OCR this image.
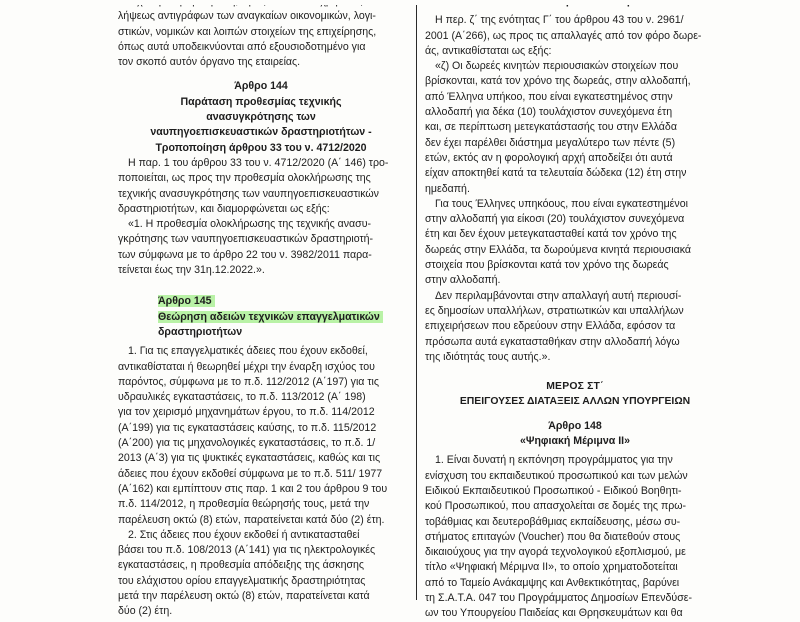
λήψεως αντιγράφων των αναγκαίων οικονομικών, λογι-

στικών, νομικών και λοιπών στοιχείων της επιχείρησης,

όπως αυτά υποδεικνύονται από εξουσιοδοτημένο για

τον σκοπό αυτόν όργανο της εταιρείας.

Άρθρο 144

Παράταση προθεσμίας τεχνικής

ανασυγκρότησης των

ναυπηγοεπισκευαστικών δραστηριοτήτων -

Τροποποίηση άρθρου 33 του ν. 4712/2020

Η παρ. 1 του άρθρου 33 του ν. 4712/2020 (Α΄ 146) τρο-

ποποιείται, ως προς την προθεσμία ολοκλήρωσης της

τεχνικής ανασυγκρότησης των ναυπηγοεπισκευαστικών

δραστηριοτήτων, και διαμορφώνεται ως εξής:

«1. Η προθεσμία ολοκλήρωσης της τεχνικής ανασυ-

γκρότησης των ναυπηγοεπισκευαστικών δραστηριοτή-

των σύμφωνα με το άρθρο 22 του ν. 3982/2011 παρα-

τείνεται έως την 31η.12.2022.».

Άρθρο 145

Θεώρηση αδειών τεχνικών επαγγελματικών

δραστηριοτήτων

1. Για τις επαγγελματικές άδειες που έχουν εκδοθεί,

αντικαθίσταται ή θεωρηθεί μέχρι την έναρξη ισχύος του

παρόντος, σύμφωνα με το π.δ. 112/2012 (Α΄197) για τις

υδραυλικές εγκαταστάσεις, το π.δ. 113/2012 (Α΄ 198)

για τον χειρισμό μηχανημάτων έργου, το π.δ. 114/2012

(Α΄199) για τις εγκαταστάσεις καύσης, το π.δ. 115/2012

(Α΄200) για τις μηχανολογικές εγκαταστάσεις, το π.δ. 1/

2013 (Α΄3) για τις ψυκτικές εγκαταστάσεις, καθώς και τις

άδειες που έχουν εκδοθεί σύμφωνα με το π.δ. 511/ 1977

(Α΄162) και εμπίπτουν στις παρ. 1 και 2 του άρθρου 9 του

π.δ. 114/2012, η προθεσμία θεώρησής τους, μετά την

παρέλευση οκτώ (8) ετών, παρατείνεται κατά δύο (2) έτη.

2. Στις άδειες που έχουν εκδοθεί ή αντικατασταθεί

βάσει του π.δ. 108/2013 (Α΄141) για τις ηλεκτρολογικές

εγκαταστάσεις, η προθεσμία απόδειξης της άσκησης

του ελάχιστου ορίου επαγγελματικής δραστηριότητας

μετά την παρέλευση οκτώ (8) ετών, παρατείνεται κατά

δύο (2) έτη.

Η περ. ζ΄ της ενότητας Γ΄ του άρθρου 43 του ν. 2961/

2001 (Α΄266), ως προς τις απαλλαγές από τον φόρο δωρε-

άς, αντικαθίσταται ως εξής:

«ζ) Οι δωρεές κινητών περιουσιακών στοιχείων που

βρίσκονται, κατά τον χρόνο της δωρεάς, στην αλλοδαπή,

από Έλληνα υπήκοο, που είναι εγκατεστημένος στην

αλλοδαπή για δέκα (10) τουλάχιστον συνεχόμενα έτη

και, σε περίπτωση μετεγκατάστασής του στην Ελλάδα

δεν έχει παρέλθει διάστημα μεγαλύτερο των πέντε (5)

ετών, εκτός αν η φορολογική αρχή αποδείξει ότι αυτά

είχαν αποκτηθεί κατά τα τελευταία δώδεκα (12) έτη στην

ημεδαπή.

Για τους Έλληνες υπηκόους, που είναι εγκατεστημένοι

στην αλλοδαπή για είκοσι (20) τουλάχιστον συνεχόμενα

έτη και δεν έχουν μετεγκατασταθεί κατά τον χρόνο της

δωρεάς στην Ελλάδα, τα δωρούμενα κινητά περιουσιακά

στοιχεία που βρίσκονται κατά τον χρόνο της δωρεάς

στην αλλοδαπή.

Δεν περιλαμβάνονται στην απαλλαγή αυτή περιουσί-

ες δημοσίων υπαλλήλων, στρατιωτικών και υπαλλήλων

επιχειρήσεων που εδρεύουν στην Ελλάδα, εφόσον τα

πρόσωπα αυτά εγκατασταθήκαν στην αλλοδαπή λόγω

της ιδιότητάς τους αυτής.».

ΜΕΡΟΣ ΣΤ΄

ΕΠΕΙΓΟΥΣΕΣ ΔΙΑΤΑΞΕΙΣ ΑΛΛΩΝ ΥΠΟΥΡΓΕΙΩΝ

Άρθρο 148

«Ψηφιακή Μέριμνα ΙΙ»

1. Είναι δυνατή η εκπόνηση προγράμματος για την

ενίσχυση του εκπαιδευτικού προσωπικού και των μελών

Ειδικού Εκπαιδευτικού Προσωπικού - Ειδικού Βοηθητι-

κού Προσωπικού, που απασχολείται σε δομές της πρω-

τοβάθμιας και δευτεροβάθμιας εκπαίδευσης, μέσω συ-

στήματος επιταγών (Voucher) που θα διατεθούν στους

δικαιούχους για την αγορά τεχνολογικού εξοπλισμού, με

τίτλο «Ψηφιακή Μέριμνα ΙΙ», το οποίο χρηματοδοτείται

από το Ταμείο Ανάκαμψης και Ανθεκτικότητας, βαρύνει

τη Σ.Α.Τ.Α. 047 του Προγράμματος Δημοσίων Επενδύσε-

ων του Υπουργείου Παιδείας και Θρησκευμάτων και θα
